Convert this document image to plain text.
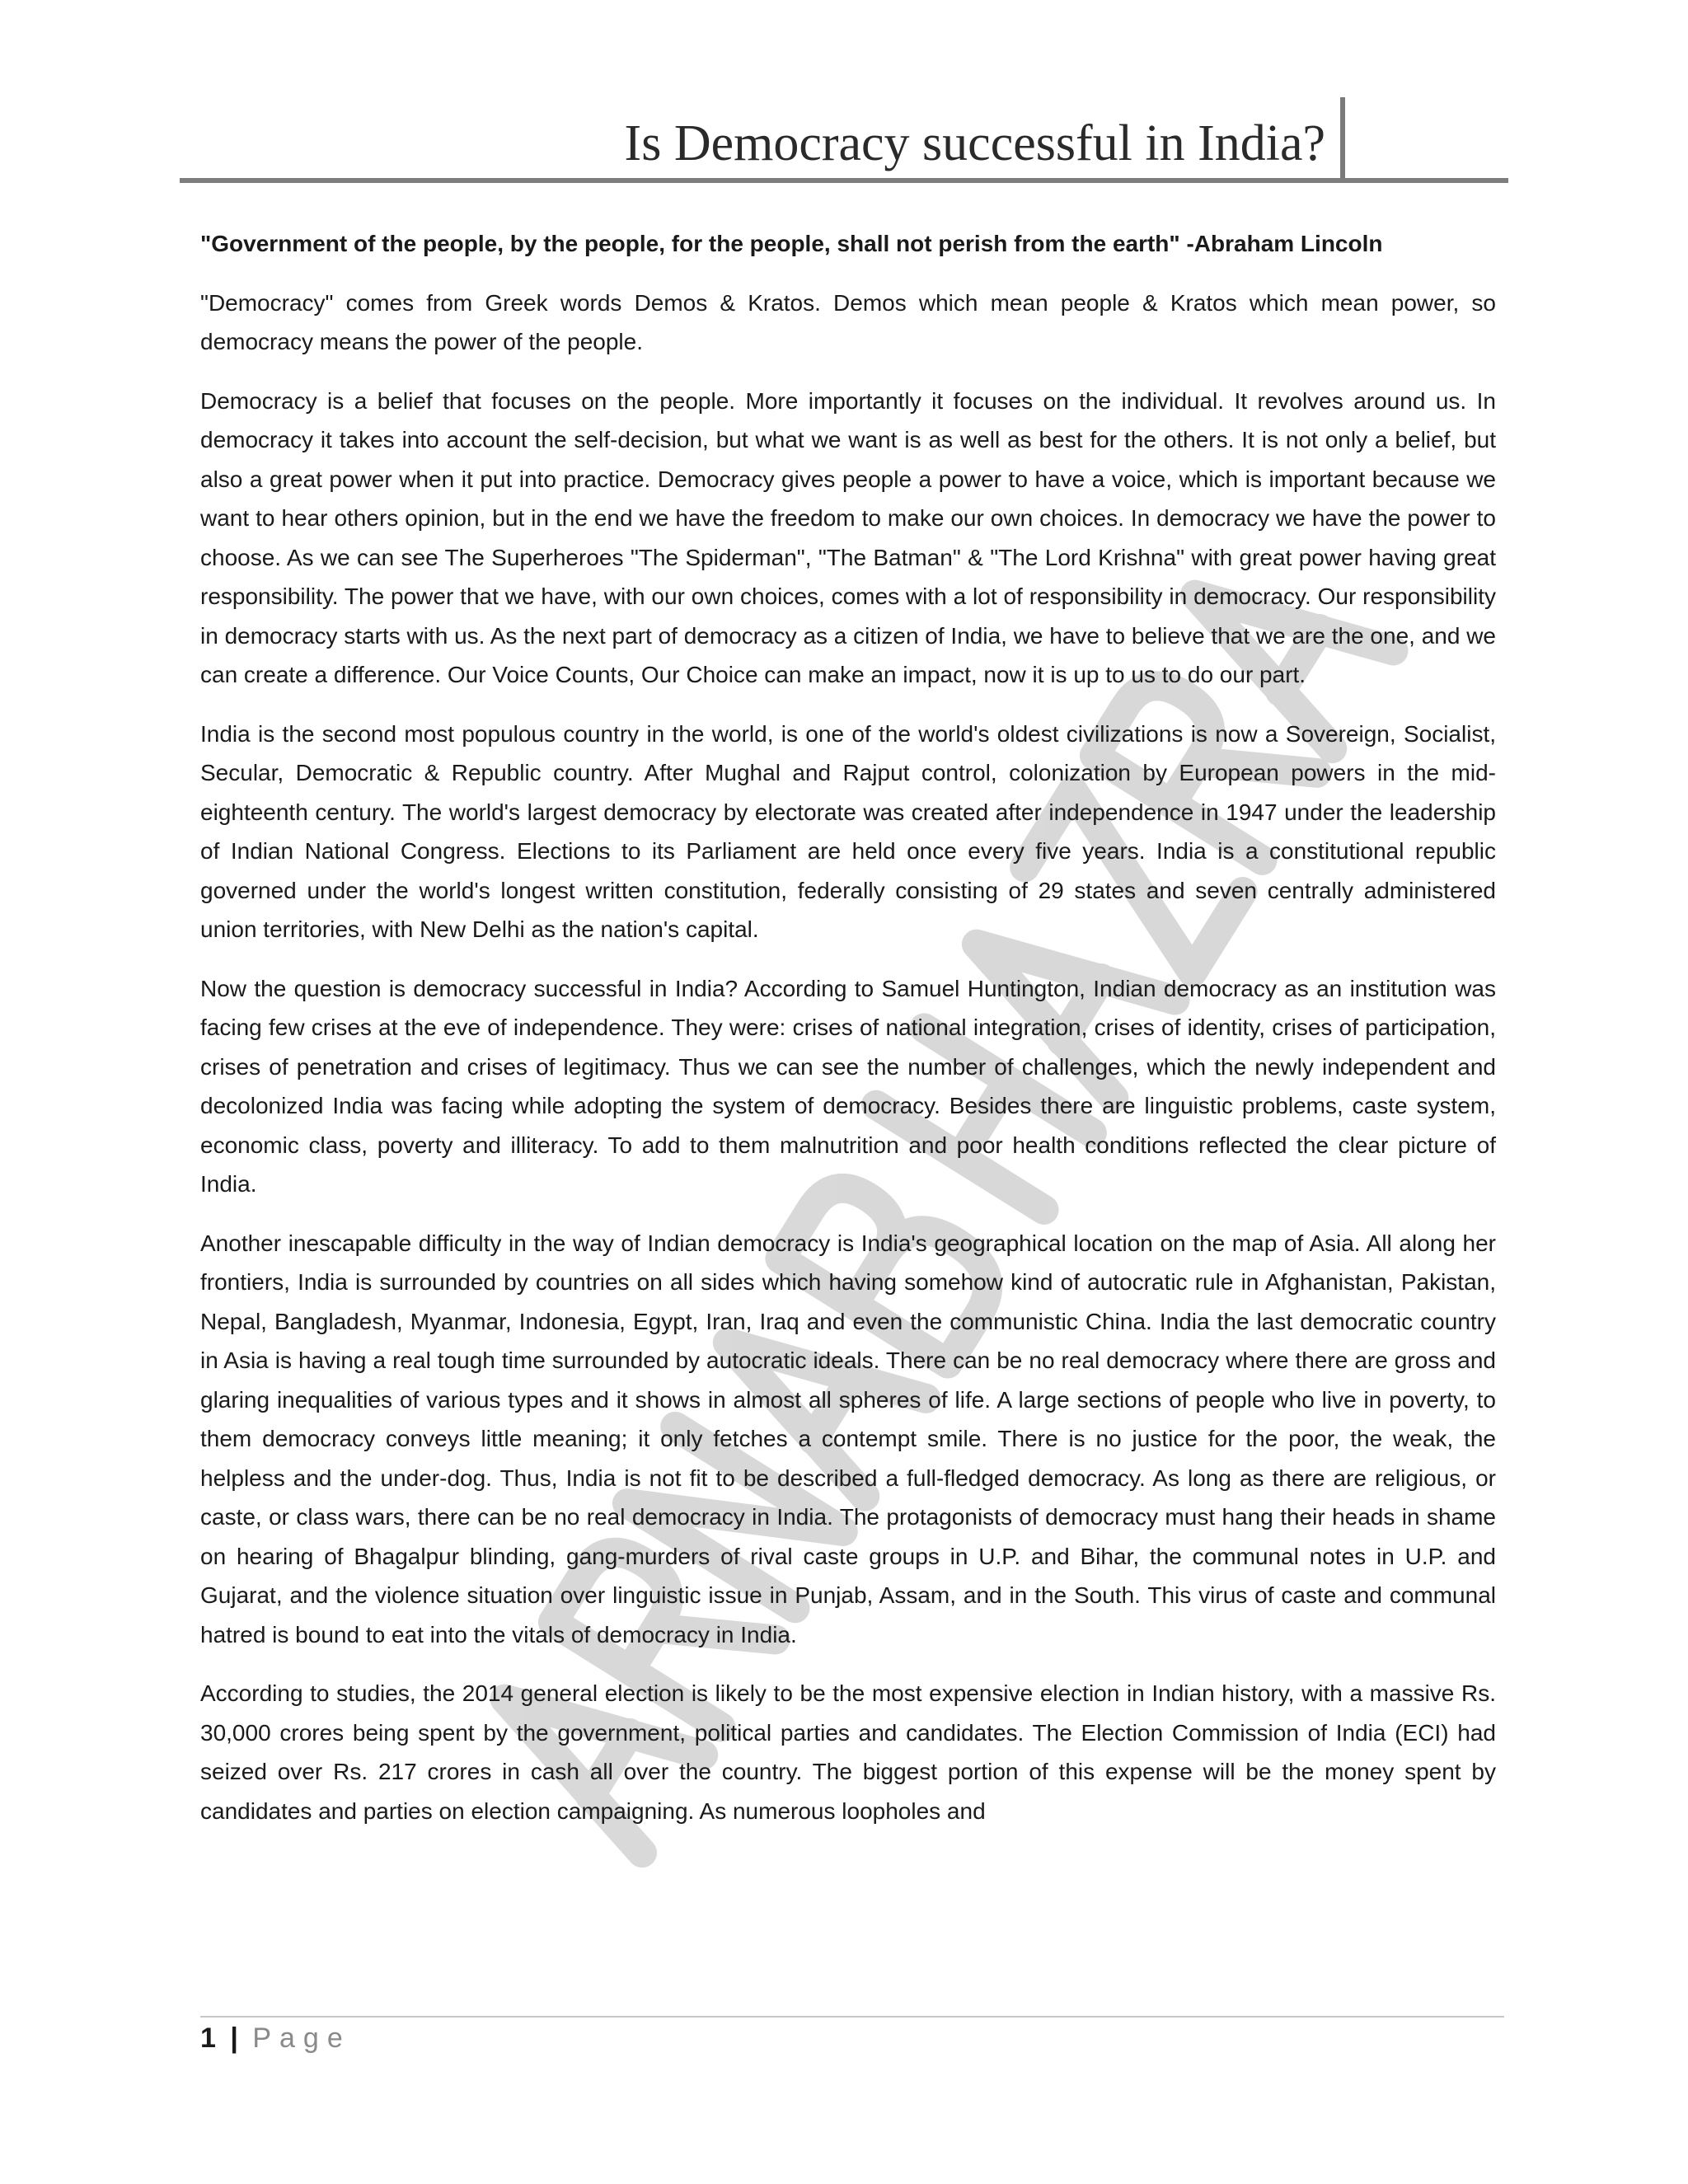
Is Democracy successful in India?

"Government of the people, by the people, for the people, shall not perish from the earth" -Abraham Lincoln

"Democracy" comes from Greek words Demos & Kratos. Demos which mean people & Kratos which mean power, so democracy means the power of the people.

Democracy is a belief that focuses on the people. More importantly it focuses on the individual. It revolves around us. In democracy it takes into account the self-decision, but what we want is as well as best for the others. It is not only a belief, but also a great power when it put into practice. Democracy gives people a power to have a voice, which is important because we want to hear others opinion, but in the end we have the freedom to make our own choices. In democracy we have the power to choose. As we can see The Superheroes "The Spiderman", "The Batman" & "The Lord Krishna" with great power having great responsibility. The power that we have, with our own choices, comes with a lot of responsibility in democracy. Our responsibility in democracy starts with us. As the next part of democracy as a citizen of India, we have to believe that we are the one, and we can create a difference. Our Voice Counts, Our Choice can make an impact, now it is up to us to do our part.

India is the second most populous country in the world, is one of the world's oldest civilizations is now a Sovereign, Socialist, Secular, Democratic & Republic country. After Mughal and Rajput control, colonization by European powers in the mid-eighteenth century. The world's largest democracy by electorate was created after independence in 1947 under the leadership of Indian National Congress. Elections to its Parliament are held once every five years. India is a constitutional republic governed under the world's longest written constitution, federally consisting of 29 states and seven centrally administered union territories, with New Delhi as the nation's capital.

Now the question is democracy successful in India? According to Samuel Huntington, Indian democracy as an institution was facing few crises at the eve of independence. They were: crises of national integration, crises of identity, crises of participation, crises of penetration and crises of legitimacy. Thus we can see the number of challenges, which the newly independent and decolonized India was facing while adopting the system of democracy. Besides there are linguistic problems, caste system, economic class, poverty and illiteracy. To add to them malnutrition and poor health conditions reflected the clear picture of India.

Another inescapable difficulty in the way of Indian democracy is India's geographical location on the map of Asia. All along her frontiers, India is surrounded by countries on all sides which having somehow kind of autocratic rule in Afghanistan, Pakistan, Nepal, Bangladesh, Myanmar, Indonesia, Egypt, Iran, Iraq and even the communistic China. India the last democratic country in Asia is having a real tough time surrounded by autocratic ideals. There can be no real democracy where there are gross and glaring inequalities of various types and it shows in almost all spheres of life. A large sections of people who live in poverty, to them democracy conveys little meaning; it only fetches a contempt smile. There is no justice for the poor, the weak, the helpless and the under-dog. Thus, India is not fit to be described a full-fledged democracy. As long as there are religious, or caste, or class wars, there can be no real democracy in India. The protagonists of democracy must hang their heads in shame on hearing of Bhagalpur blinding, gang-murders of rival caste groups in U.P. and Bihar, the communal notes in U.P. and Gujarat, and the violence situation over linguistic issue in Punjab, Assam, and in the South. This virus of caste and communal hatred is bound to eat into the vitals of democracy in India.

According to studies, the 2014 general election is likely to be the most expensive election in Indian history, with a massive Rs. 30,000 crores being spent by the government, political parties and candidates. The Election Commission of India (ECI) had seized over Rs. 217 crores in cash all over the country. The biggest portion of this expense will be the money spent by candidates and parties on election campaigning. As numerous loopholes and

1 | Page
